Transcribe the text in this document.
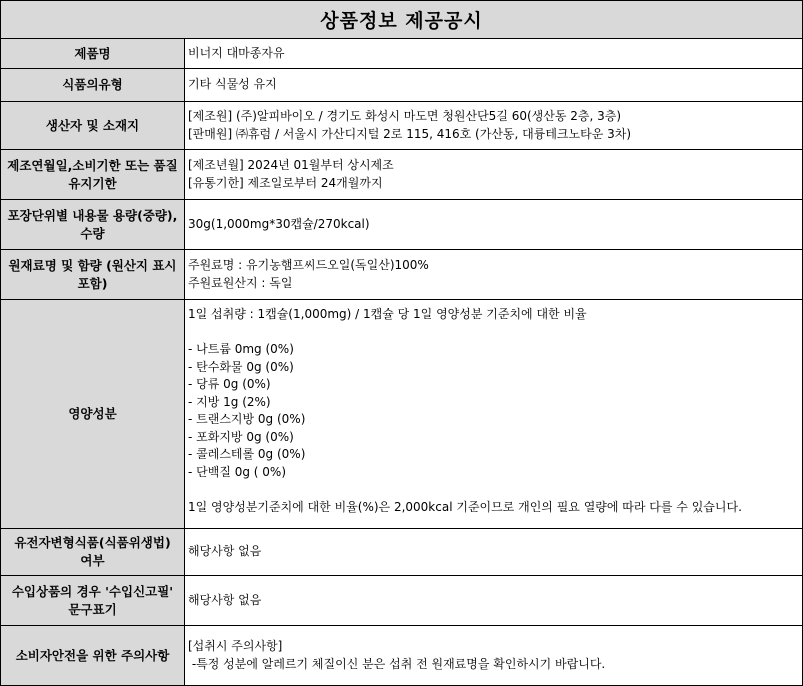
상품정보 제공공시
제품명	비너지 대마종자유
식품의유형	기타 식물성 유지
생산자 및 소재지
[제조원] (주)알피바이오 / 경기도 화성시 마도면 청원산단5길 60(생산동 2층, 3층)
[판매원] ㈜휴럼 / 서울시 가산디지털 2로 115, 416호 (가산동, 대륭테크노타운 3차)
제조연월일,소비기한 또는 품질유지기한
[제조년월] 2024년 01월부터 상시제조
[유통기한] 제조일로부터 24개월까지
포장단위별 내용물 용량(중량), 수량
30g(1,000mg*30캡슐/270kcal)
원재료명 및 함량 (원산지 표시 포함)
주원료명 : 유기농햄프씨드오일(독일산)100%
주원료원산지 : 독일
영양성분
1일 섭취량 : 1캡슐(1,000mg) / 1캡슐 당 1일 영양성분 기준치에 대한 비율
- 나트륨 0mg (0%)
- 탄수화물 0g (0%)
- 당류 0g (0%)
- 지방 1g (2%)
- 트랜스지방 0g (0%)
- 포화지방 0g (0%)
- 콜레스테롤 0g (0%)
- 단백질 0g ( 0%)
1일 영양성분기준치에 대한 비율(%)은 2,000kcal 기준이므로 개인의 필요 열량에 따라 다를 수 있습니다.
유전자변형식품(식품위생법) 여부
해당사항 없음
수입상품의 경우 '수입신고필' 문구표기
해당사항 없음
소비자안전을 위한 주의사항
[섭취시 주의사항]
-특정 성분에 알레르기 체질이신 분은 섭취 전 원재료명을 확인하시기 바랍니다.
